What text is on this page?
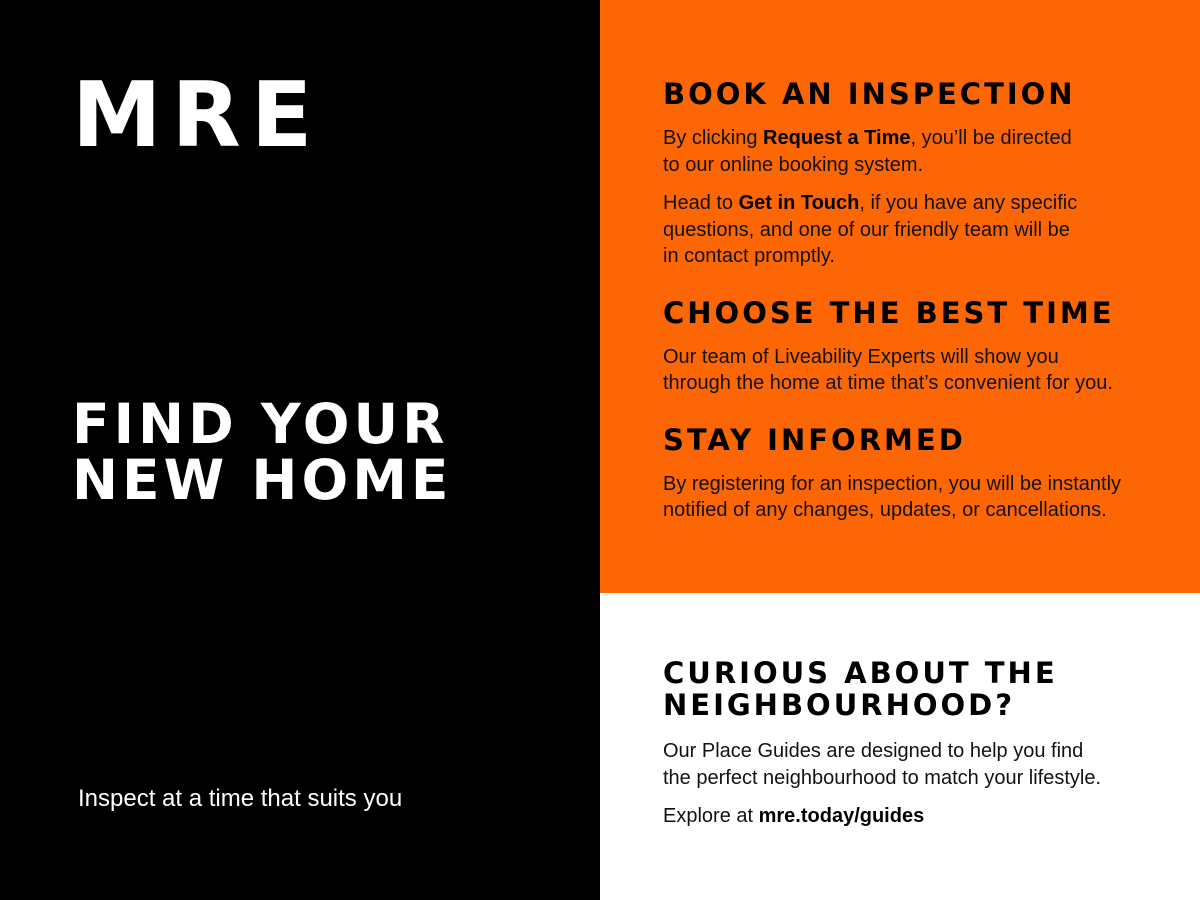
MRE
FIND YOUR
NEW HOME

Inspect at a time that suits you

BOOK AN INSPECTION

By clicking Request a Time, you’ll be directed
to our online booking system.

Head to Get in Touch, if you have any specific
questions, and one of our friendly team will be
in contact promptly.

CHOOSE THE BEST TIME

Our team of Liveability Experts will show you
through the home at time that’s convenient for you.

STAY INFORMED

By registering for an inspection, you will be instantly
notified of any changes, updates, or cancellations.

CURIOUS ABOUT THE
NEIGHBOURHOOD?

Our Place Guides are designed to help you find
the perfect neighbourhood to match your lifestyle.

Explore at mre.today/guides
